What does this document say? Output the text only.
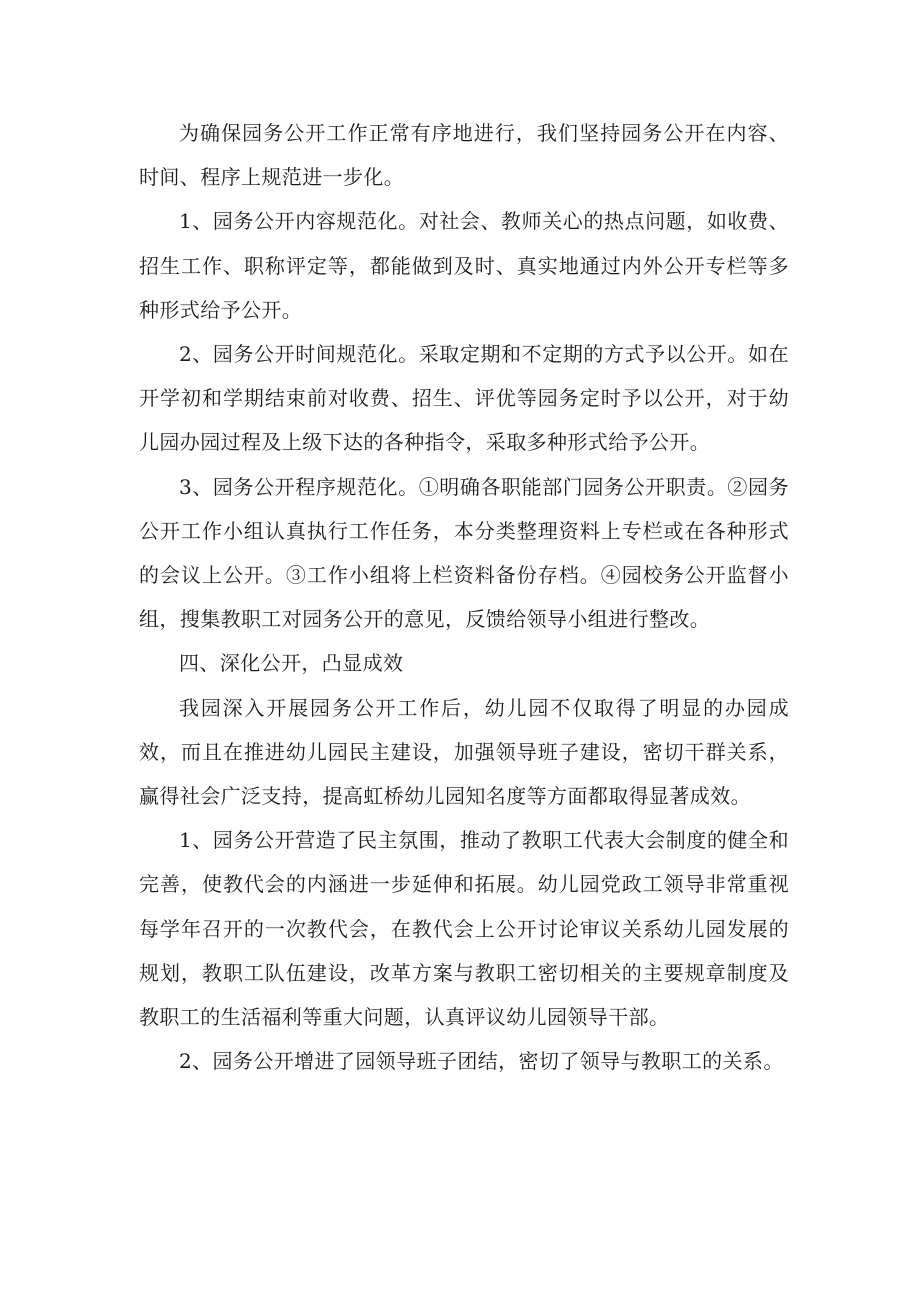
为确保园务公开工作正常有序地进行，我们坚持园务公开在内容、时间、程序上规范进一步化。

1、园务公开内容规范化。对社会、教师关心的热点问题，如收费、招生工作、职称评定等，都能做到及时、真实地通过内外公开专栏等多种形式给予公开。

2、园务公开时间规范化。采取定期和不定期的方式予以公开。如在开学初和学期结束前对收费、招生、评优等园务定时予以公开，对于幼儿园办园过程及上级下达的各种指令，采取多种形式给予公开。

3、园务公开程序规范化。①明确各职能部门园务公开职责。②园务公开工作小组认真执行工作任务，本分类整理资料上专栏或在各种形式的会议上公开。③工作小组将上栏资料备份存档。④园校务公开监督小组，搜集教职工对园务公开的意见，反馈给领导小组进行整改。

四、深化公开，凸显成效

我园深入开展园务公开工作后，幼儿园不仅取得了明显的办园成效，而且在推进幼儿园民主建设，加强领导班子建设，密切干群关系，赢得社会广泛支持，提高虹桥幼儿园知名度等方面都取得显著成效。

1、园务公开营造了民主氛围，推动了教职工代表大会制度的健全和完善，使教代会的内涵进一步延伸和拓展。幼儿园党政工领导非常重视每学年召开的一次教代会，在教代会上公开讨论审议关系幼儿园发展的规划，教职工队伍建设，改革方案与教职工密切相关的主要规章制度及教职工的生活福利等重大问题，认真评议幼儿园领导干部。

2、园务公开增进了园领导班子团结，密切了领导与教职工的关系。
